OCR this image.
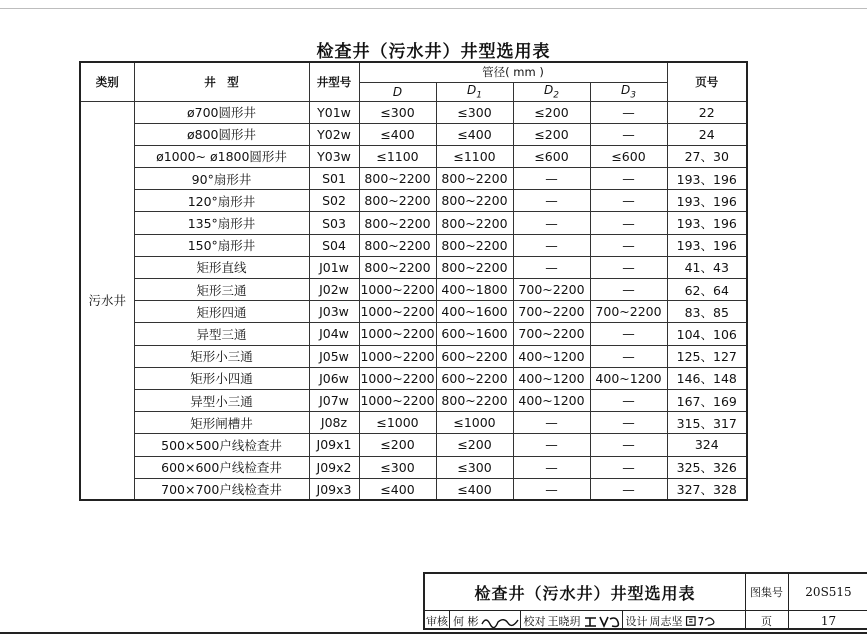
检查井（污水井）井型选用表
类别	井　型	井型号	管径( mm )				页号
			D	$D_1$	$D_2$	$D_3$
污水井	ø700圆形井	Y01w	≤300	≤300	≤200	—	22
	ø800圆形井	Y02w	≤400	≤400	≤200	—	24
	ø1000~ ø1800圆形井	Y03w	≤1100	≤1100	≤600	≤600	27、30
	90°扇形井	S01	800~2200	800~2200	—	—	193、196
	120°扇形井	S02	800~2200	800~2200	—	—	193、196
	135°扇形井	S03	800~2200	800~2200	—	—	193、196
	150°扇形井	S04	800~2200	800~2200	—	—	193、196
	矩形直线	J01w	800~2200	800~2200	—	—	41、43
	矩形三通	J02w	1000~2200	400~1800	700~2200	—	62、64
	矩形四通	J03w	1000~2200	400~1600	700~2200	700~2200	83、85
	异型三通	J04w	1000~2200	600~1600	700~2200	—	104、106
	矩形小三通	J05w	1000~2200	600~2200	400~1200	—	125、127
	矩形小四通	J06w	1000~2200	600~2200	400~1200	400~1200	146、148
	异型小三通	J07w	1000~2200	800~2200	400~1200	—	167、169
	矩形闸槽井	J08z	≤1000	≤1000	—	—	315、317
	500×500户线检查井	J09x1	≤200	≤200	—	—	324
	600×600户线检查井	J09x2	≤300	≤300	—	—	325、326
	700×700户线检查井	J09x3	≤400	≤400	—	—	327、328
检查井（污水井）井型选用表	图集号	20S515
审核 何 彬	校对 王晓玥	设计 周志坚	页	17
